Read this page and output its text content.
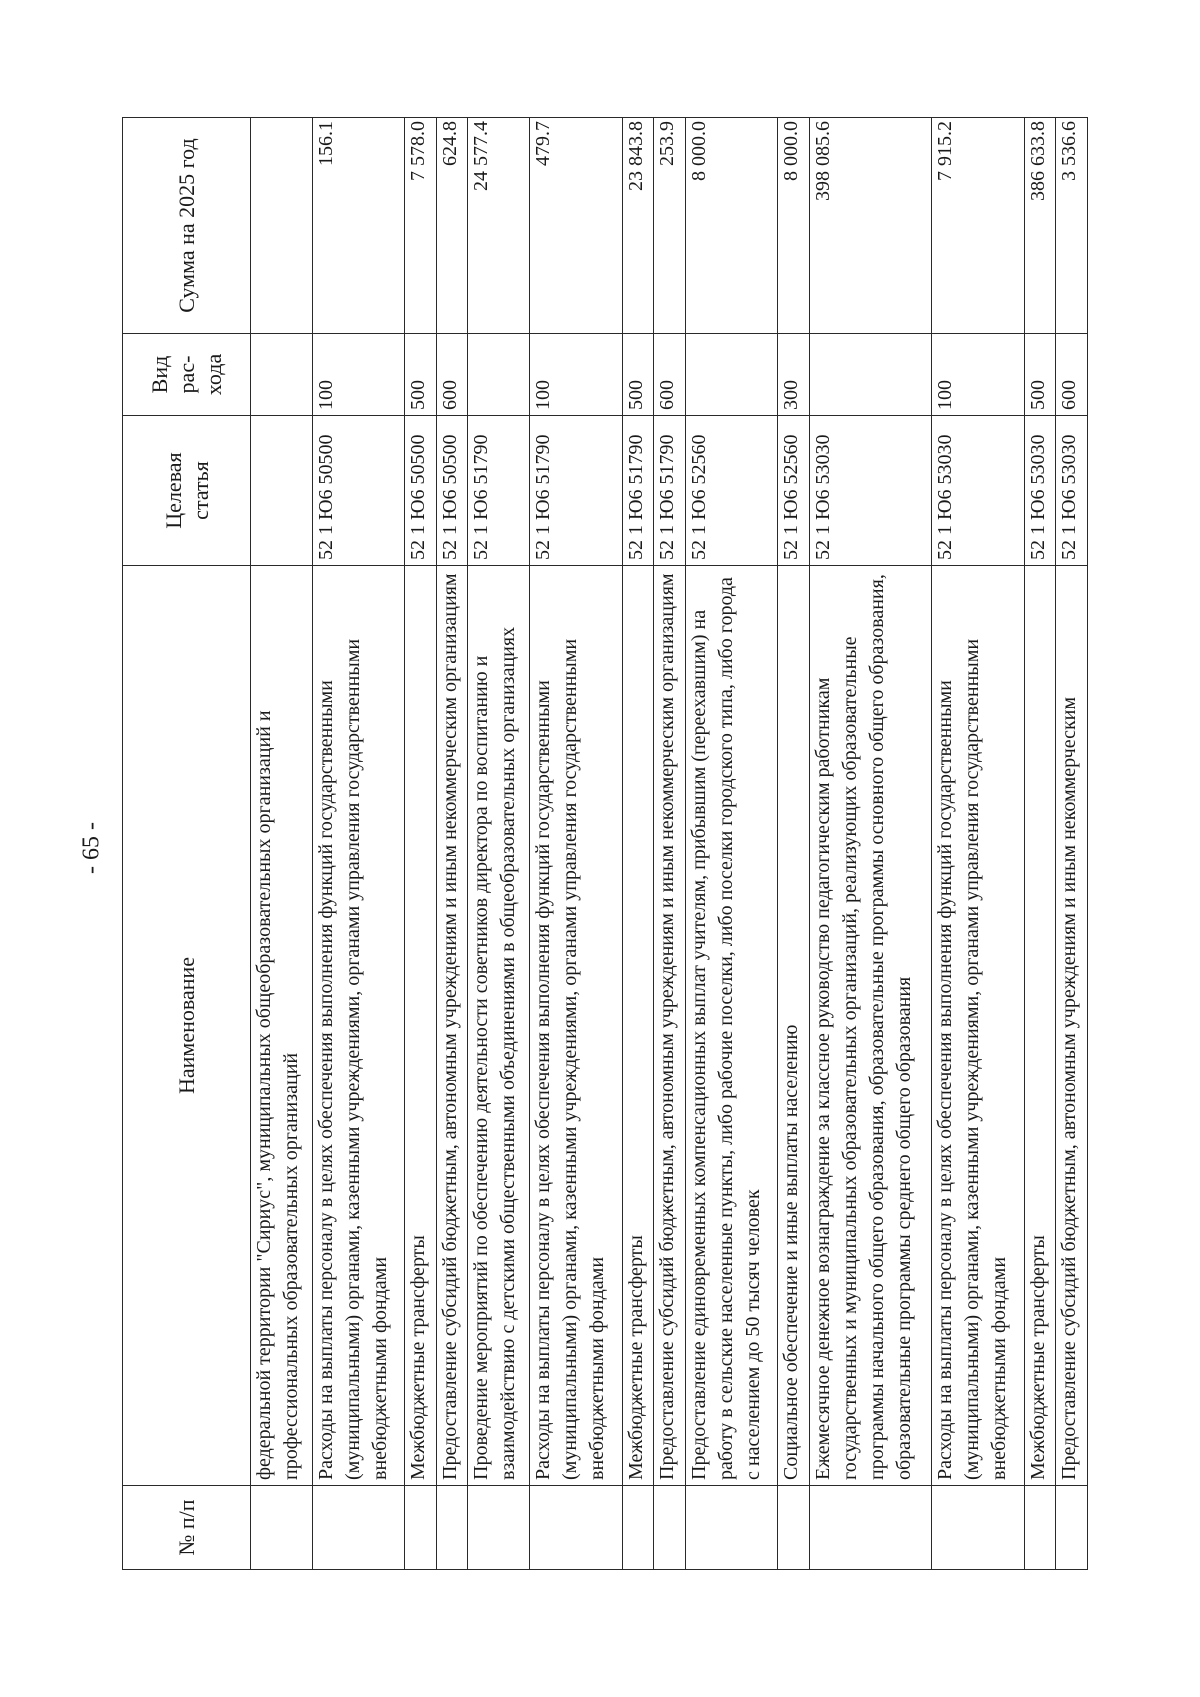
- 65 -
№ п/п	Наименование	Целевая статья	Вид рас-хода	Сумма на 2025 год
	федеральной территории "Сириус", муниципальных общеобразовательных организаций и профессиональных образовательных организаций			
	Расходы на выплаты персоналу в целях обеспечения выполнения функций государственными (муниципальными) органами, казенными учреждениями, органами управления государственными внебюджетными фондами	52 1 Ю6 50500	100	156.1
	Межбюджетные трансферты	52 1 Ю6 50500	500	7 578.0
	Предоставление субсидий бюджетным, автономным учреждениям и иным некоммерческим организациям	52 1 Ю6 50500	600	624.8
	Проведение мероприятий по обеспечению деятельности советников директора по воспитанию и взаимодействию с детскими общественными объединениями в общеобразовательных организациях	52 1 Ю6 51790		24 577.4
	Расходы на выплаты персоналу в целях обеспечения выполнения функций государственными (муниципальными) органами, казенными учреждениями, органами управления государственными внебюджетными фондами	52 1 Ю6 51790	100	479.7
	Межбюджетные трансферты	52 1 Ю6 51790	500	23 843.8
	Предоставление субсидий бюджетным, автономным учреждениям и иным некоммерческим организациям	52 1 Ю6 51790	600	253.9
	Предоставление единовременных компенсационных выплат учителям, прибывшим (переехавшим) на работу в сельские населенные пункты, либо рабочие поселки, либо поселки городского типа, либо города с населением до 50 тысяч человек	52 1 Ю6 52560		8 000.0
	Социальное обеспечение и иные выплаты населению	52 1 Ю6 52560	300	8 000.0
	Ежемесячное денежное вознаграждение за классное руководство педагогическим работникам государственных и муниципальных образовательных организаций, реализующих образовательные программы начального общего образования, образовательные программы основного общего образования, образовательные программы среднего общего образования	52 1 Ю6 53030		398 085.6
	Расходы на выплаты персоналу в целях обеспечения выполнения функций государственными (муниципальными) органами, казенными учреждениями, органами управления государственными внебюджетными фондами	52 1 Ю6 53030	100	7 915.2
	Межбюджетные трансферты	52 1 Ю6 53030	500	386 633.8
	Предоставление субсидий бюджетным, автономным учреждениям и иным некоммерческим	52 1 Ю6 53030	600	3 536.6
